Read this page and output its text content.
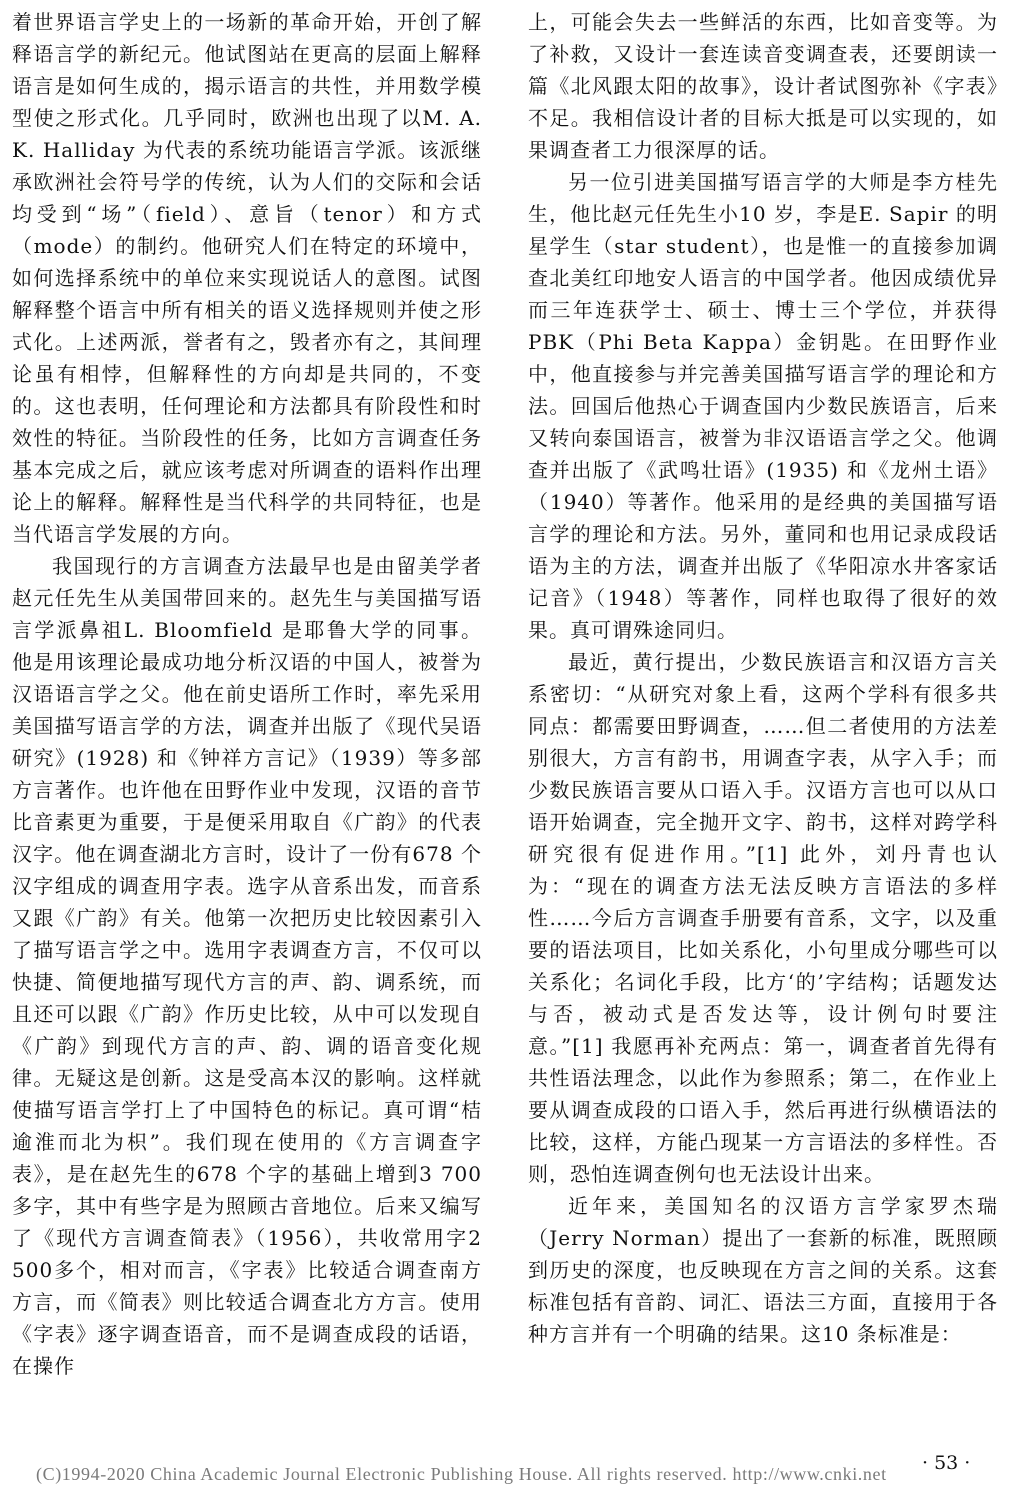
着世界语言学史上的一场新的革命开始，开创了解释语言学的新纪元。他试图站在更高的层面上解释语言是如何生成的，揭示语言的共性，并用数学模型使之形式化。几乎同时，欧洲也出现了以M. A. K. Halliday 为代表的系统功能语言学派。该派继承欧洲社会符号学的传统，认为人们的交际和会话均受到“场”（field）、意旨（tenor）和方式（mode）的制约。他研究人们在特定的环境中，如何选择系统中的单位来实现说话人的意图。试图解释整个语言中所有相关的语义选择规则并使之形式化。上述两派，誉者有之，毁者亦有之，其间理论虽有相悖，但解释性的方向却是共同的，不变的。这也表明，任何理论和方法都具有阶段性和时效性的特征。当阶段性的任务，比如方言调查任务基本完成之后，就应该考虑对所调查的语料作出理论上的解释。解释性是当代科学的共同特征，也是当代语言学发展的方向。

我国现行的方言调查方法最早也是由留美学者赵元任先生从美国带回来的。赵先生与美国描写语言学派鼻祖L. Bloomfield 是耶鲁大学的同事。他是用该理论最成功地分析汉语的中国人，被誉为汉语语言学之父。他在前史语所工作时，率先采用美国描写语言学的方法，调查并出版了《现代吴语研究》(1928) 和《钟祥方言记》（1939）等多部方言著作。也许他在田野作业中发现，汉语的音节比音素更为重要，于是便采用取自《广韵》的代表汉字。他在调查湖北方言时，设计了一份有678 个汉字组成的调查用字表。选字从音系出发，而音系又跟《广韵》有关。他第一次把历史比较因素引入了描写语言学之中。选用字表调查方言，不仅可以快捷、简便地描写现代方言的声、韵、调系统，而且还可以跟《广韵》作历史比较，从中可以发现自《广韵》到现代方言的声、韵、调的语音变化规律。无疑这是创新。这是受高本汉的影响。这样就使描写语言学打上了中国特色的标记。真可谓“桔逾淮而北为枳”。我们现在使用的《方言调查字表》，是在赵先生的678 个字的基础上增到3 700多字，其中有些字是为照顾古音地位。后来又编写了《现代方言调查简表》（1956），共收常用字2 500多个，相对而言，《字表》比较适合调查南方方言，而《简表》则比较适合调查北方方言。使用《字表》逐字调查语音，而不是调查成段的话语，在操作

上，可能会失去一些鲜活的东西，比如音变等。为了补救，又设计一套连读音变调查表，还要朗读一篇《北风跟太阳的故事》，设计者试图弥补《字表》不足。我相信设计者的目标大抵是可以实现的，如果调查者工力很深厚的话。

另一位引进美国描写语言学的大师是李方桂先生，他比赵元任先生小10 岁，李是E. Sapir 的明星学生（star student），也是惟一的直接参加调查北美红印地安人语言的中国学者。他因成绩优异而三年连获学士、硕士、博士三个学位，并获得PBK（Phi Beta Kappa）金钥匙。在田野作业中，他直接参与并完善美国描写语言学的理论和方法。回国后他热心于调查国内少数民族语言，后来又转向泰国语言，被誉为非汉语语言学之父。他调查并出版了《武鸣壮语》(1935) 和《龙州土语》（1940）等著作。他采用的是经典的美国描写语言学的理论和方法。另外，董同和也用记录成段话语为主的方法，调查并出版了《华阳凉水井客家话记音》（1948）等著作，同样也取得了很好的效果。真可谓殊途同归。

最近，黄行提出，少数民族语言和汉语方言关系密切：“从研究对象上看，这两个学科有很多共同点：都需要田野调查，……但二者使用的方法差别很大，方言有韵书，用调查字表，从字入手；而少数民族语言要从口语入手。汉语方言也可以从口语开始调查，完全抛开文字、韵书，这样对跨学科研究很有促进作用。”[1] 此外，刘丹青也认为：“现在的调查方法无法反映方言语法的多样性……今后方言调查手册要有音系，文字，以及重要的语法项目，比如关系化，小句里成分哪些可以关系化；名词化手段，比方‘的’字结构；话题发达与否，被动式是否发达等，设计例句时要注意。”[1] 我愿再补充两点：第一，调查者首先得有共性语法理念，以此作为参照系；第二，在作业上要从调查成段的口语入手，然后再进行纵横语法的比较，这样，方能凸现某一方言语法的多样性。否则，恐怕连调查例句也无法设计出来。

近年来，美国知名的汉语方言学家罗杰瑞（Jerry Norman）提出了一套新的标准，既照顾到历史的深度，也反映现在方言之间的关系。这套标准包括有音韵、词汇、语法三方面，直接用于各种方言并有一个明确的结果。这10 条标准是：

· 53 ·
(C)1994-2020 China Academic Journal Electronic Publishing House. All rights reserved. http://www.cnki.net
